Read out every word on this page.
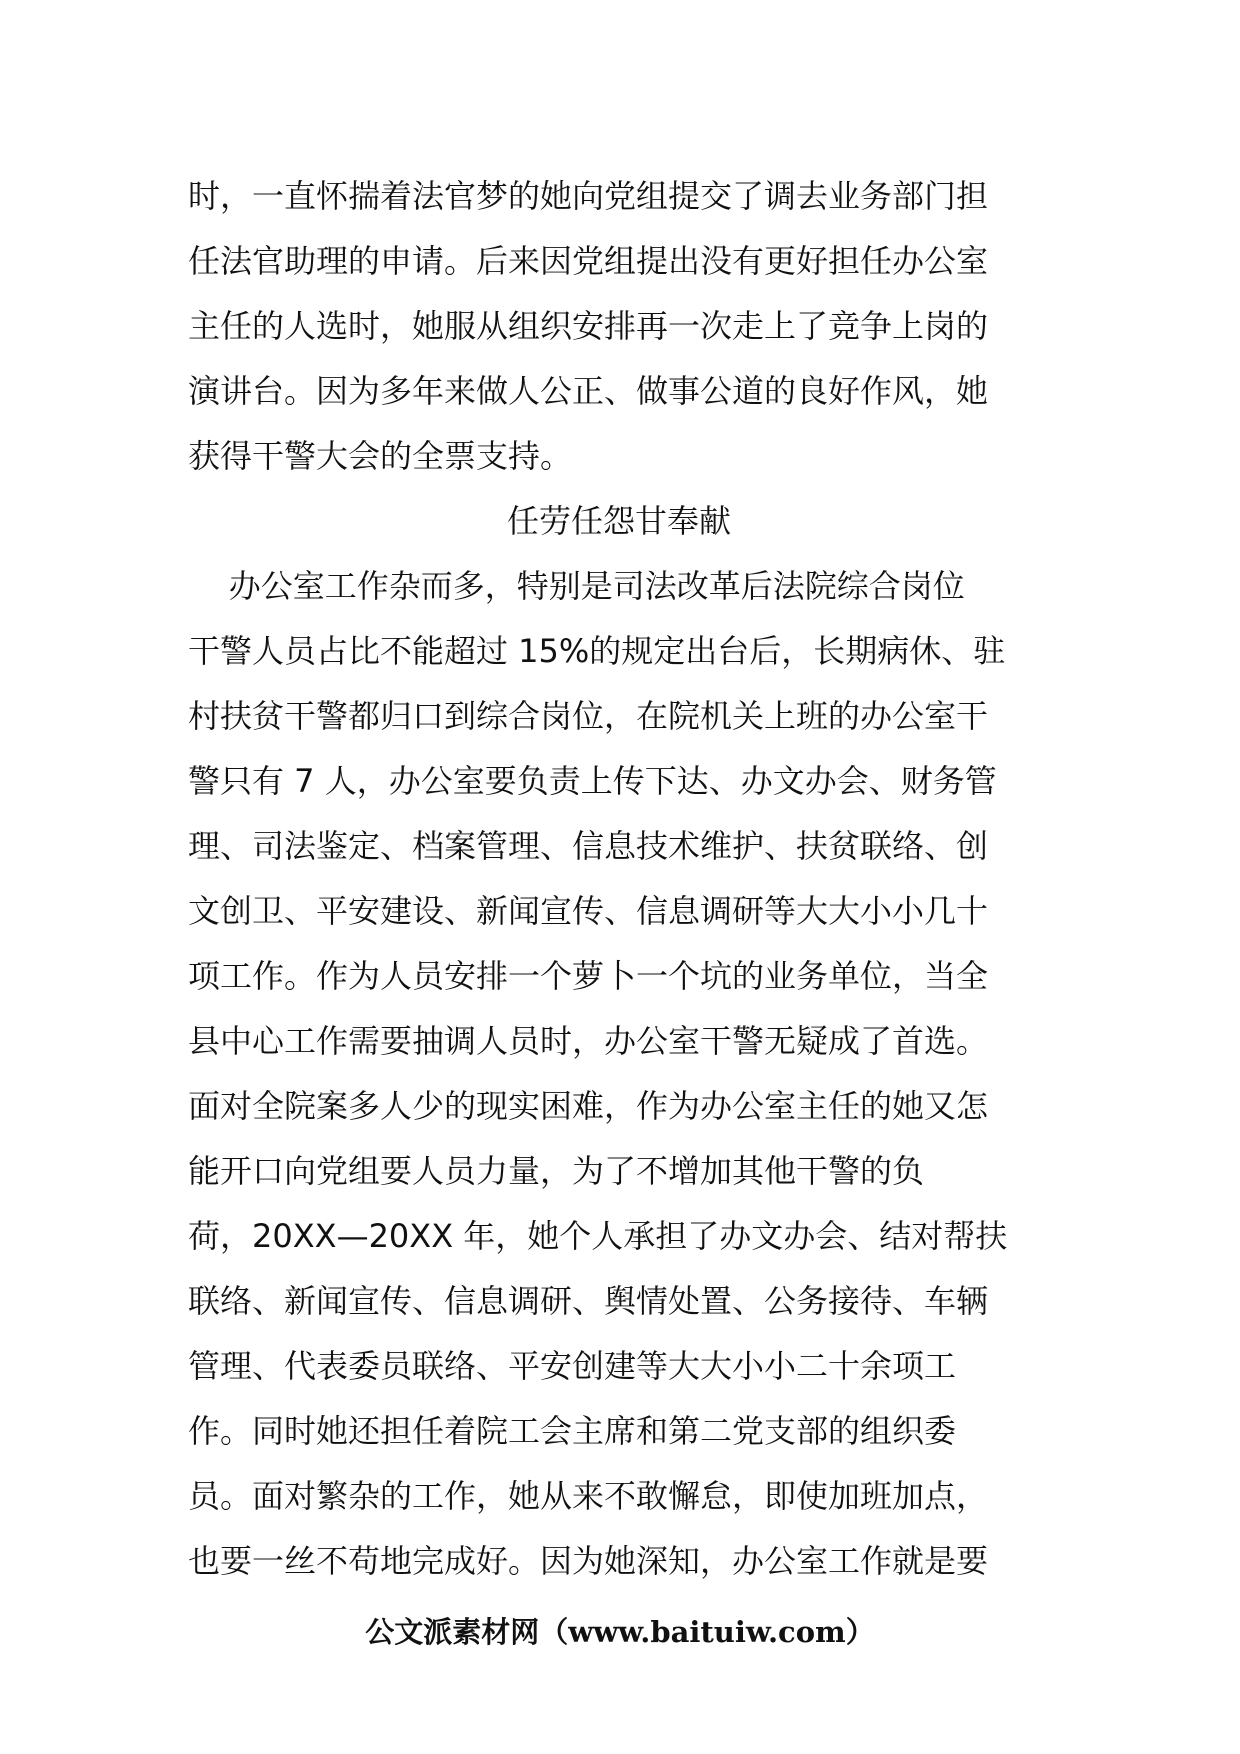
时，一直怀揣着法官梦的她向党组提交了调去业务部门担
任法官助理的申请。后来因党组提出没有更好担任办公室
主任的人选时，她服从组织安排再一次走上了竞争上岗的
演讲台。因为多年来做人公正、做事公道的良好作风，她
获得干警大会的全票支持。
任劳任怨甘奉献
办公室工作杂而多，特别是司法改革后法院综合岗位
干警人员占比不能超过 15%的规定出台后，长期病休、驻
村扶贫干警都归口到综合岗位，在院机关上班的办公室干
警只有 7 人，办公室要负责上传下达、办文办会、财务管
理、司法鉴定、档案管理、信息技术维护、扶贫联络、创
文创卫、平安建设、新闻宣传、信息调研等大大小小几十
项工作。作为人员安排一个萝卜一个坑的业务单位，当全
县中心工作需要抽调人员时，办公室干警无疑成了首选。
面对全院案多人少的现实困难，作为办公室主任的她又怎
能开口向党组要人员力量，为了不增加其他干警的负
荷，20XX—20XX 年，她个人承担了办文办会、结对帮扶
联络、新闻宣传、信息调研、舆情处置、公务接待、车辆
管理、代表委员联络、平安创建等大大小小二十余项工
作。同时她还担任着院工会主席和第二党支部的组织委
员。面对繁杂的工作，她从来不敢懈怠，即使加班加点，
也要一丝不苟地完成好。因为她深知，办公室工作就是要
公文派素材网（www.baituiw.com）
